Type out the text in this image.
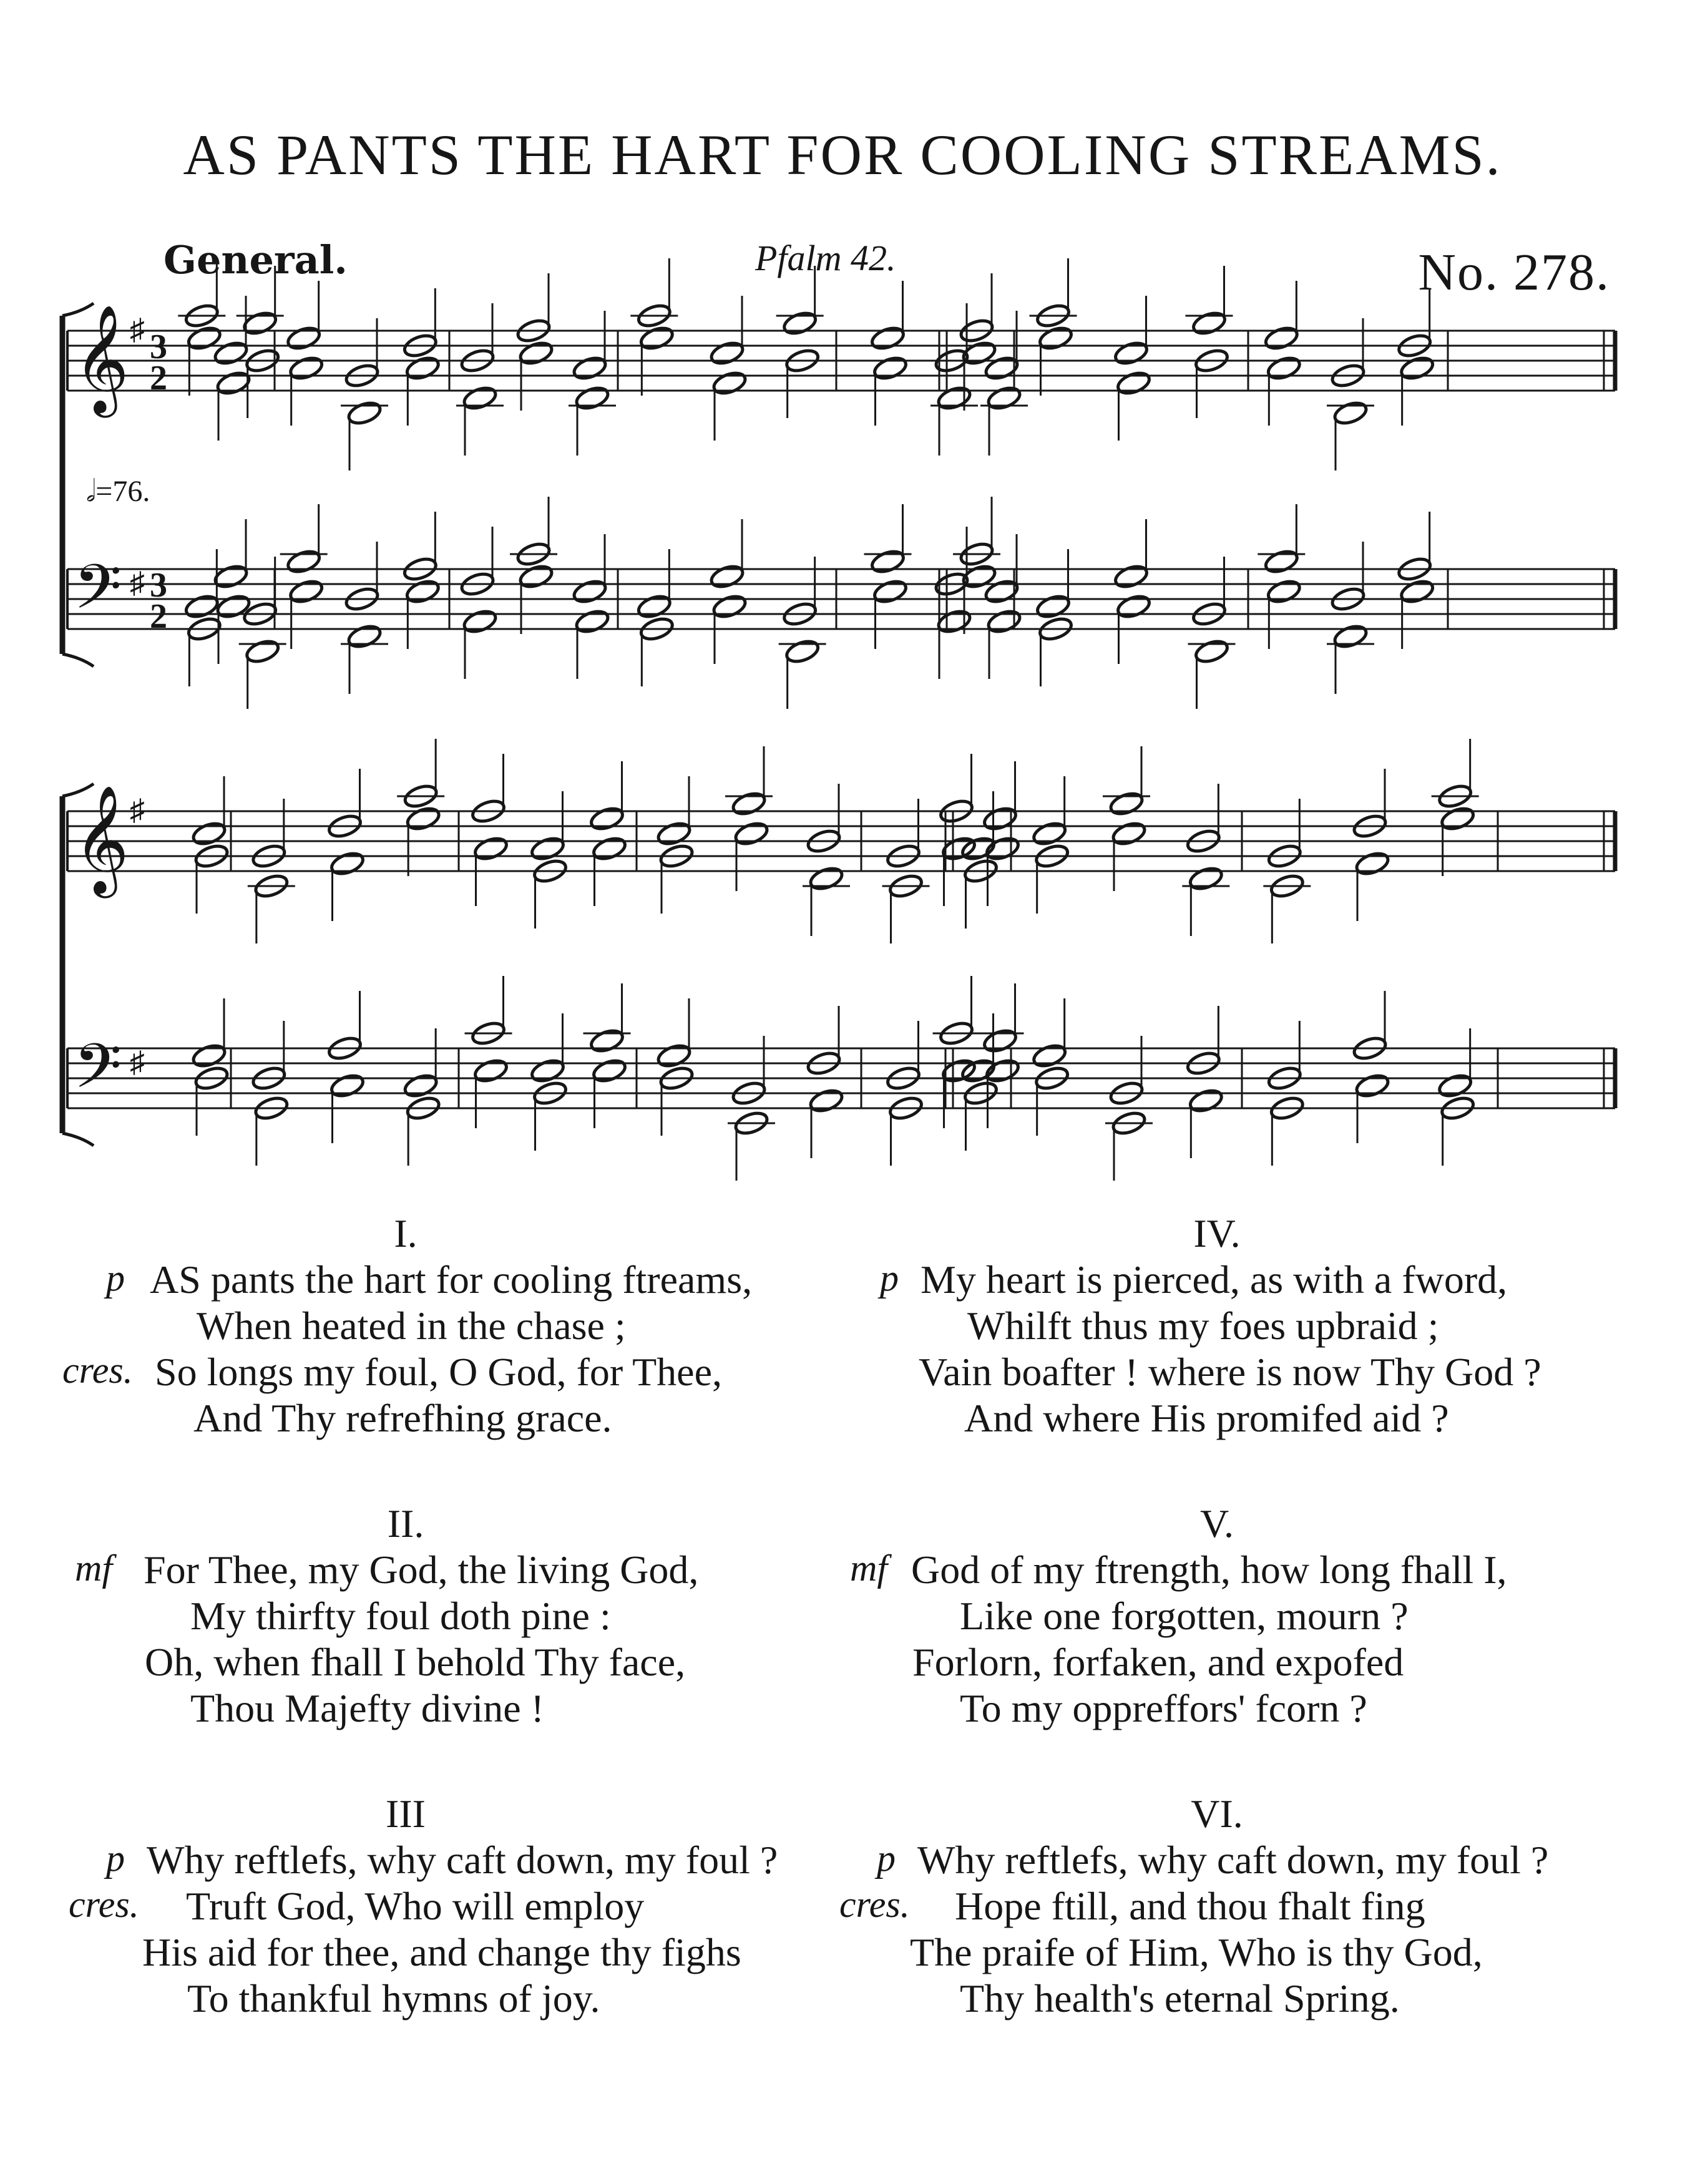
AS PANTS THE HART FOR COOLING STREAMS.
General.	Pfalm 42.	No. 278.
𝄞 ♯ 3
2
𝄢 ♯ 3
2
𝄞 ♯
𝄢 ♯
𝅗𝅥=76.
I.
p AS pants the hart for cooling ftreams,
When heated in the chase ;
cres. So longs my foul, O God, for Thee,
And Thy refrefhing grace.
IV.
p My heart is pierced, as with a fword,
Whilft thus my foes upbraid ;
Vain boafter ! where is now Thy God ?
And where His promifed aid ?
II.
mf For Thee, my God, the living God,
My thirfty foul doth pine :
Oh, when fhall I behold Thy face,
Thou Majefty divine !
V.
mf God of my ftrength, how long fhall I,
Like one forgotten, mourn ?
Forlorn, forfaken, and expofed
To my oppreffors' fcorn ?
III
p Why reftlefs, why caft down, my foul ?
cres. Truft God, Who will employ
His aid for thee, and change thy fighs
To thankful hymns of joy.
VI.
p Why reftlefs, why caft down, my foul ?
cres. Hope ftill, and thou fhalt fing
The praife of Him, Who is thy God,
Thy health's eternal Spring.
